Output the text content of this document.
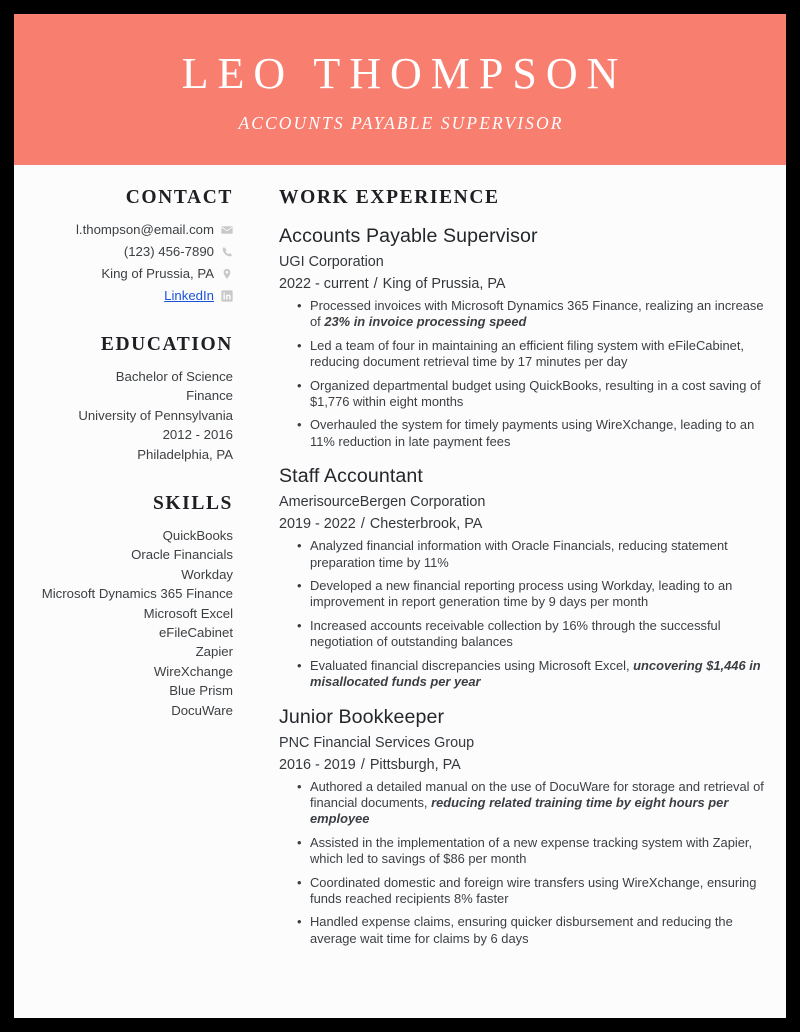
LEO THOMPSON
ACCOUNTS PAYABLE SUPERVISOR
CONTACT
l.thompson@email.com
(123) 456-7890
King of Prussia, PA
LinkedIn
EDUCATION
Bachelor of Science
Finance
University of Pennsylvania
2012 - 2016
Philadelphia, PA
SKILLS
QuickBooks
Oracle Financials
Workday
Microsoft Dynamics 365 Finance
Microsoft Excel
eFileCabinet
Zapier
WireXchange
Blue Prism
DocuWare
WORK EXPERIENCE
Accounts Payable Supervisor
UGI Corporation
2022 - current / King of Prussia, PA
• Processed invoices with Microsoft Dynamics 365 Finance, realizing an increase of 23% in invoice processing speed
• Led a team of four in maintaining an efficient filing system with eFileCabinet, reducing document retrieval time by 17 minutes per day
• Organized departmental budget using QuickBooks, resulting in a cost saving of $1,776 within eight months
• Overhauled the system for timely payments using WireXchange, leading to an 11% reduction in late payment fees
Staff Accountant
AmerisourceBergen Corporation
2019 - 2022 / Chesterbrook, PA
• Analyzed financial information with Oracle Financials, reducing statement preparation time by 11%
• Developed a new financial reporting process using Workday, leading to an improvement in report generation time by 9 days per month
• Increased accounts receivable collection by 16% through the successful negotiation of outstanding balances
• Evaluated financial discrepancies using Microsoft Excel, uncovering $1,446 in misallocated funds per year
Junior Bookkeeper
PNC Financial Services Group
2016 - 2019 / Pittsburgh, PA
• Authored a detailed manual on the use of DocuWare for storage and retrieval of financial documents, reducing related training time by eight hours per employee
• Assisted in the implementation of a new expense tracking system with Zapier, which led to savings of $86 per month
• Coordinated domestic and foreign wire transfers using WireXchange, ensuring funds reached recipients 8% faster
• Handled expense claims, ensuring quicker disbursement and reducing the average wait time for claims by 6 days
